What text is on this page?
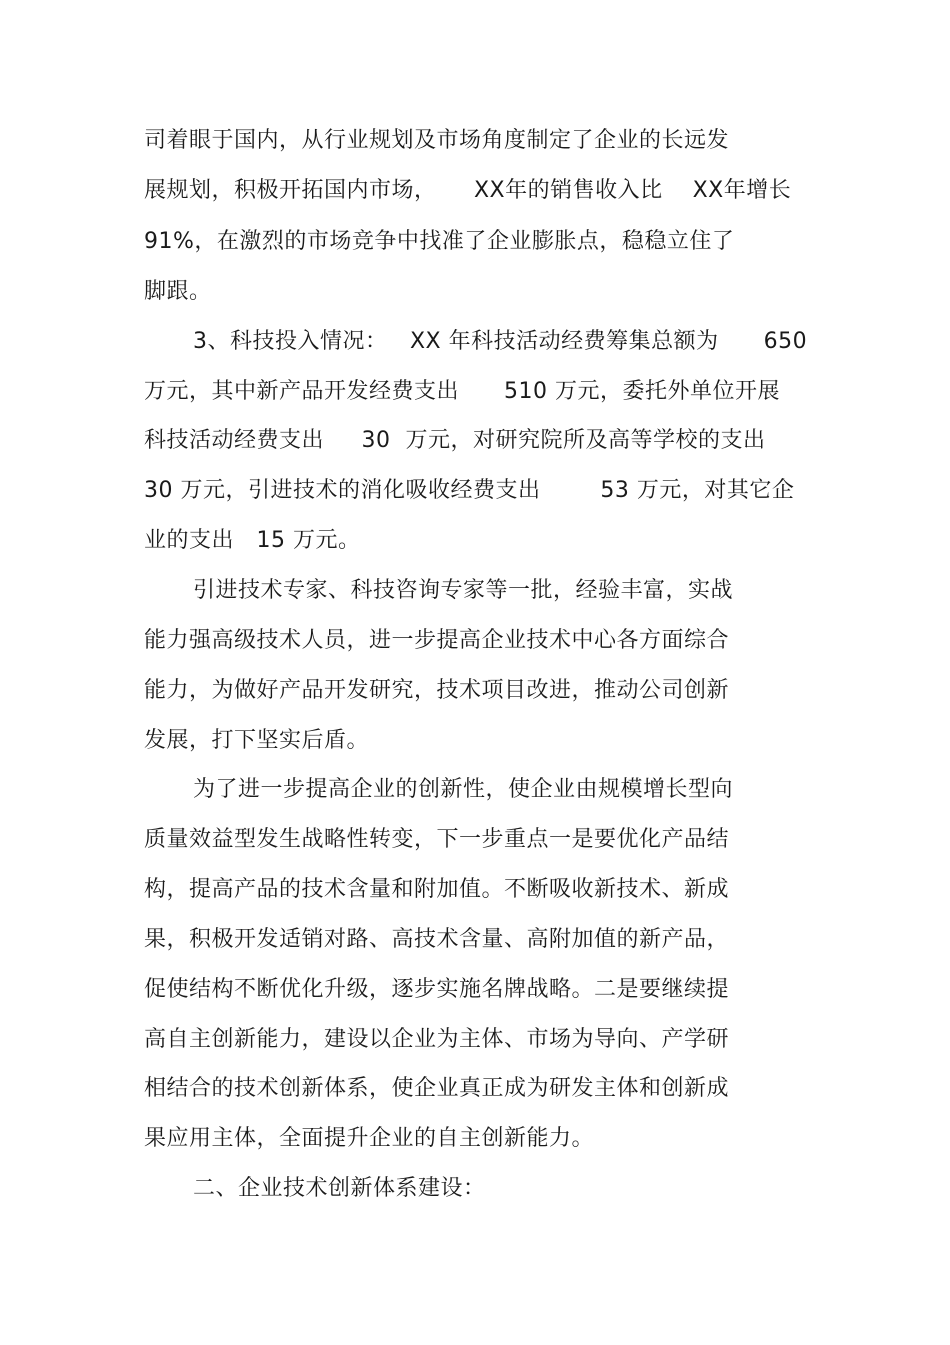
司着眼于国内，从行业规划及市场角度制定了企业的长远发
展规划，积极开拓国内市场，     XX年的销售收入比    XX年增长
91%，在激烈的市场竞争中找准了企业膨胀点，稳稳立住了
脚跟。
3、科技投入情况：   XX 年科技活动经费筹集总额为      650
万元，其中新产品开发经费支出      510 万元，委托外单位开展
科技活动经费支出     30  万元，对研究院所及高等学校的支出
30 万元，引进技术的消化吸收经费支出        53 万元，对其它企
业的支出   15 万元。
引进技术专家、科技咨询专家等一批，经验丰富，实战
能力强高级技术人员，进一步提高企业技术中心各方面综合
能力，为做好产品开发研究，技术项目改进，推动公司创新
发展，打下坚实后盾。
为了进一步提高企业的创新性，使企业由规模增长型向
质量效益型发生战略性转变，下一步重点一是要优化产品结
构，提高产品的技术含量和附加值。不断吸收新技术、新成
果，积极开发适销对路、高技术含量、高附加值的新产品，
促使结构不断优化升级，逐步实施名牌战略。二是要继续提
高自主创新能力，建设以企业为主体、市场为导向、产学研
相结合的技术创新体系，使企业真正成为研发主体和创新成
果应用主体，全面提升企业的自主创新能力。
二、企业技术创新体系建设：
